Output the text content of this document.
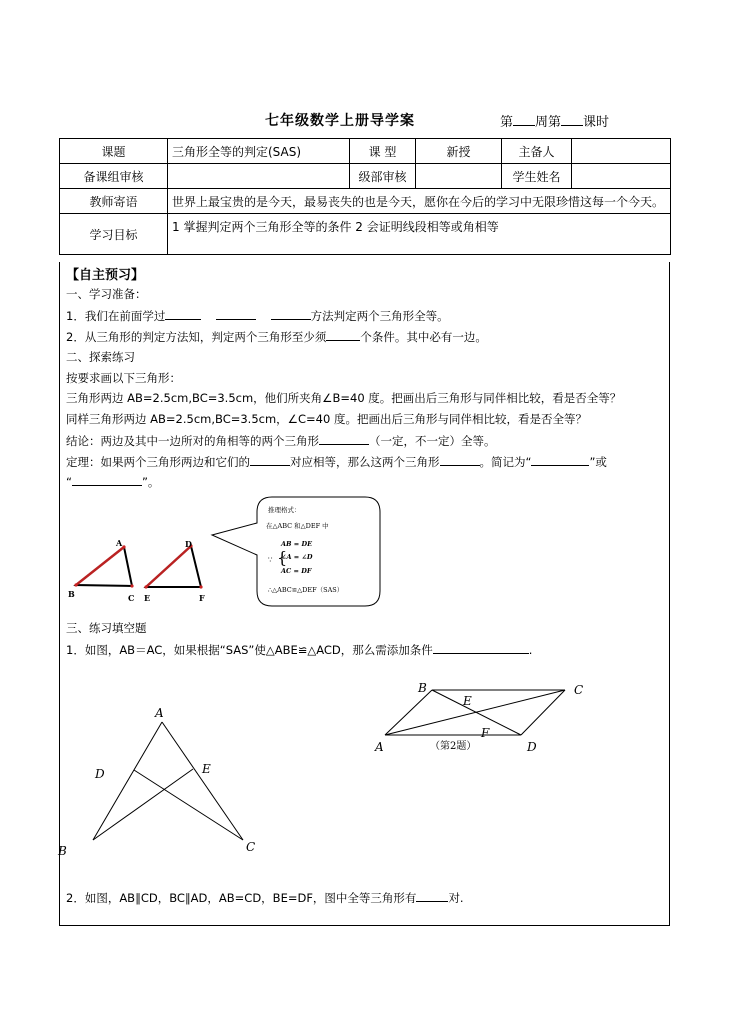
七年级数学上册导学案	第 周第 课时
课题	三角形全等的判定(SAS)	课 型	新授	主备人	
备课组审核		级部审核		学生姓名	
教师寄语	世界上最宝贵的是今天，最易丧失的也是今天，愿你在今后的学习中无限珍惜这每一个今天。				
学习目标	1 掌握判定两个三角形全等的条件 2 会证明线段相等或角相等				
【自主预习】
一、学习准备：
1．我们在前面学过	方法判定两个三角形全等。
2．从三角形的判定方法知，判定两个三角形至少须	个条件。其中必有一边。
二、探索练习
按要求画以下三角形：
三角形两边 AB=2.5cm,BC=3.5cm，他们所夹角∠B=40 度。把画出后三角形与同伴相比较，看是否全等？
同样三角形两边 AB=2.5cm,BC=3.5cm，∠C=40 度。把画出后三角形与同伴相比较，看是否全等？
结论：两边及其中一边所对的角相等的两个三角形	（一定，不一定）全等。
定理：如果两个三角形两边和它们的	对应相等，那么这两个三角形	。简记为“	”或
“	”。
A
B	C
D
E	F
推理格式：
在△ABC 和△DEF 中
∵ {
AB = DE
∠A = ∠D
AC = DF
∴△ABC≌△DEF（SAS）
三、练习填空题
1．如图，AB＝AC，如果根据“SAS”使△ABE≌△ACD，那么需添加条件	.
A
B	C
D	E
B	C
A	D
E
F
（第2题）
2．如图，AB∥CD，BC∥AD，AB=CD，BE=DF，图中全等三角形有	对.
